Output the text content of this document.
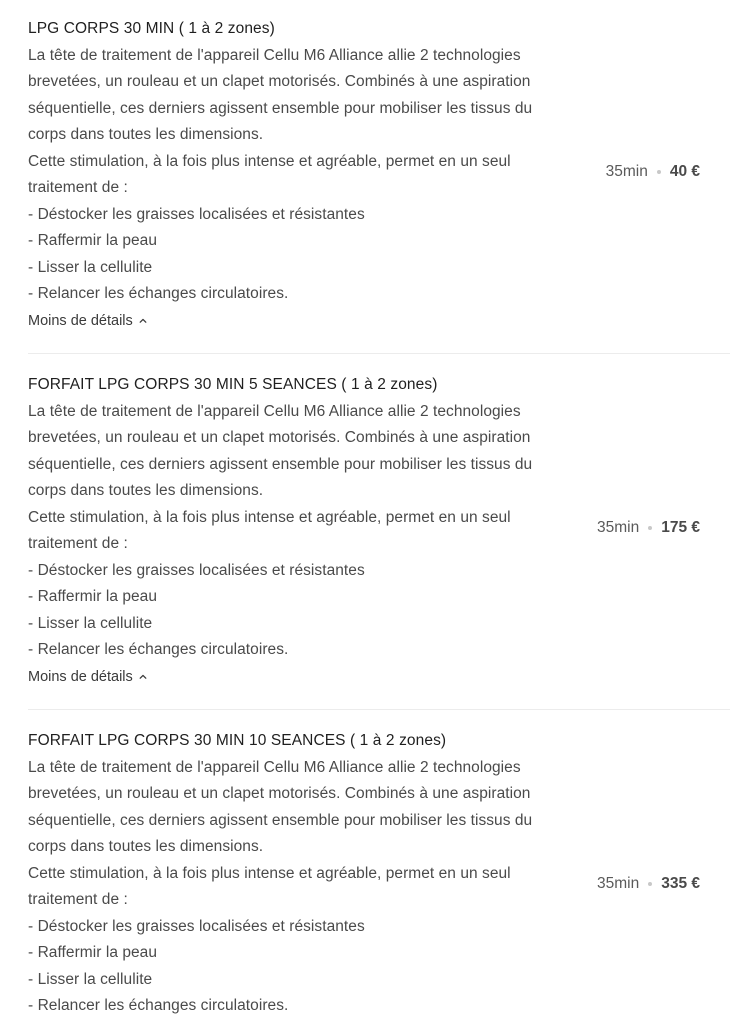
LPG CORPS 30 MIN ( 1 à 2 zones)
La tête de traitement de l'appareil Cellu M6 Alliance allie 2 technologies
brevetées, un rouleau et un clapet motorisés. Combinés à une aspiration
séquentielle, ces derniers agissent ensemble pour mobiliser les tissus du
corps dans toutes les dimensions.
Cette stimulation, à la fois plus intense et agréable, permet en un seul
traitement de :
- Déstocker les graisses localisées et résistantes
- Raffermir la peau
- Lisser la cellulite
- Relancer les échanges circulatoires.
Moins de détails
35min 40 €
FORFAIT LPG CORPS 30 MIN 5 SEANCES ( 1 à 2 zones)
La tête de traitement de l'appareil Cellu M6 Alliance allie 2 technologies
brevetées, un rouleau et un clapet motorisés. Combinés à une aspiration
séquentielle, ces derniers agissent ensemble pour mobiliser les tissus du
corps dans toutes les dimensions.
Cette stimulation, à la fois plus intense et agréable, permet en un seul
traitement de :
- Déstocker les graisses localisées et résistantes
- Raffermir la peau
- Lisser la cellulite
- Relancer les échanges circulatoires.
Moins de détails
35min 175 €
FORFAIT LPG CORPS 30 MIN 10 SEANCES ( 1 à 2 zones)
La tête de traitement de l'appareil Cellu M6 Alliance allie 2 technologies
brevetées, un rouleau et un clapet motorisés. Combinés à une aspiration
séquentielle, ces derniers agissent ensemble pour mobiliser les tissus du
corps dans toutes les dimensions.
Cette stimulation, à la fois plus intense et agréable, permet en un seul
traitement de :
- Déstocker les graisses localisées et résistantes
- Raffermir la peau
- Lisser la cellulite
- Relancer les échanges circulatoires.
35min 335 €
